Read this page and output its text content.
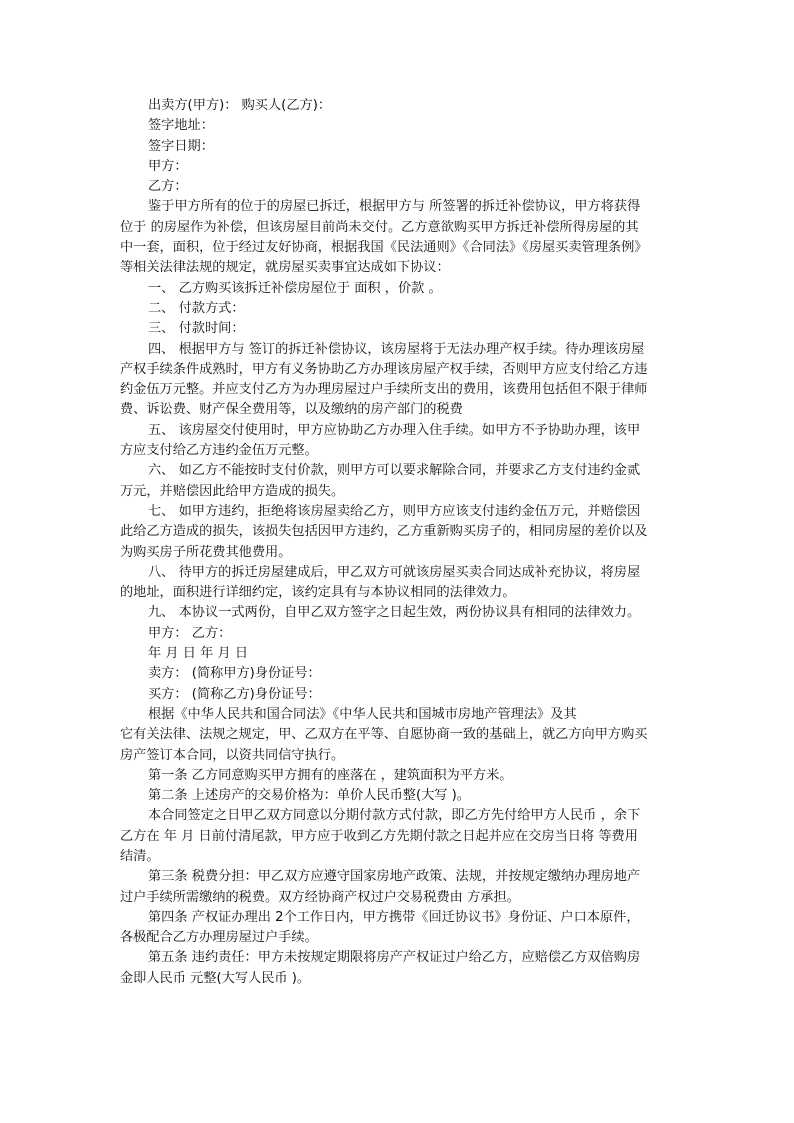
出卖方(甲方)： 购买人(乙方)：

签字地址：

签字日期：

甲方：

乙方：

鉴于甲方所有的位于的房屋已拆迁，根据甲方与 所签署的拆迁补偿协议，甲方将获得

位于 的房屋作为补偿，但该房屋目前尚未交付。乙方意欲购买甲方拆迁补偿所得房屋的其

中一套，面积，位于经过友好协商，根据我国《民法通则》《合同法》《房屋买卖管理条例》

等相关法律法规的规定，就房屋买卖事宜达成如下协议：

一、 乙方购买该拆迁补偿房屋位于 面积 ，价款 。

二、 付款方式：

三、 付款时间：

四、 根据甲方与 签订的拆迁补偿协议，该房屋将于无法办理产权手续。待办理该房屋

产权手续条件成熟时，甲方有义务协助乙方办理该房屋产权手续，否则甲方应支付给乙方违

约金伍万元整。并应支付乙方为办理房屋过户手续所支出的费用，该费用包括但不限于律师

费、诉讼费、财产保全费用等，以及缴纳的房产部门的税费

五、 该房屋交付使用时，甲方应协助乙方办理入住手续。如甲方不予协助办理，该甲

方应支付给乙方违约金伍万元整。

六、 如乙方不能按时支付价款，则甲方可以要求解除合同，并要求乙方支付违约金贰

万元，并赔偿因此给甲方造成的损失。

七、 如甲方违约，拒绝将该房屋卖给乙方，则甲方应该支付违约金伍万元，并赔偿因

此给乙方造成的损失，该损失包括因甲方违约，乙方重新购买房子的，相同房屋的差价以及

为购买房子所花费其他费用。

八、 待甲方的拆迁房屋建成后，甲乙双方可就该房屋买卖合同达成补充协议，将房屋

的地址，面积进行详细约定，该约定具有与本协议相同的法律效力。

九、 本协议一式两份，自甲乙双方签字之日起生效，两份协议具有相同的法律效力。

甲方： 乙方：

年 月 日 年 月 日

卖方： (简称甲方)身份证号：

买方： (简称乙方)身份证号：

根据《中华人民共和国合同法》《中华人民共和国城市房地产管理法》及其

它有关法律、法规之规定，甲、乙双方在平等、自愿协商一致的基础上，就乙方向甲方购买

房产签订本合同，以资共同信守执行。

第一条 乙方同意购买甲方拥有的座落在 ，建筑面积为平方米。

第二条 上述房产的交易价格为：单价人民币整(大写 )。

本合同签定之日甲乙双方同意以分期付款方式付款，即乙方先付给甲方人民币 ，余下

乙方在 年 月 日前付清尾款，甲方应于收到乙方先期付款之日起并应在交房当日将 等费用

结清。

第三条 税费分担：甲乙双方应遵守国家房地产政策、法规，并按规定缴纳办理房地产

过户手续所需缴纳的税费。双方经协商产权过户交易税费由 方承担。

第四条 产权证办理出 2个工作日内，甲方携带《回迁协议书》身份证、户口本原件，

各极配合乙方办理房屋过户手续。

第五条 违约责任：甲方未按规定期限将房产产权证过户给乙方，应赔偿乙方双倍购房

金即人民币 元整(大写人民币 )。
